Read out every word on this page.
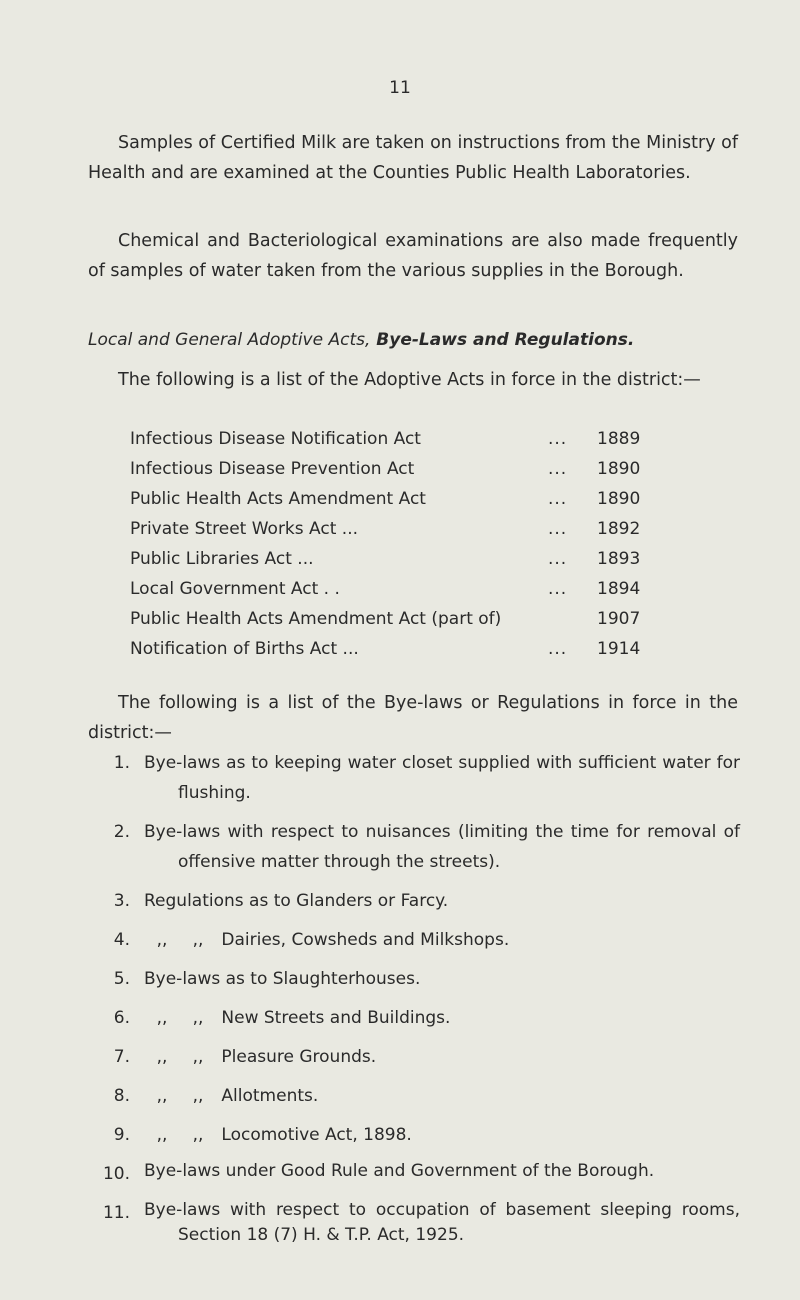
11

Samples of Certified Milk are taken on instructions from the Ministry of Health and are examined at the Counties Public Health Laboratories.

Chemical and Bacteriological examinations are also made frequently of samples of water taken from the various supplies in the Borough.

Local and General Adoptive Acts, Bye-Laws and Regulations.

The following is a list of the Adoptive Acts in force in the district:—

Infectious Disease Notification Act	... 1889
Infectious Disease Prevention Act	... 1890
Public Health Acts Amendment Act	... 1890
Private Street Works Act ...	... 1892
Public Libraries Act ...	... 1893
Local Government Act . .	... 1894
Public Health Acts Amendment Act (part of)	1907
Notification of Births Act ...	... 1914

The following is a list of the Bye-laws or Regulations in force in the district:—

1. Bye-laws as to keeping water closet supplied with sufficient water for flushing.
2. Bye-laws with respect to nuisances (limiting the time for removal of offensive matter through the streets).
3. Regulations as to Glanders or Farcy.
4.	,, ,, Dairies, Cowsheds and Milkshops.
5. Bye-laws as to Slaughterhouses.
6.	,, ,, New Streets and Buildings.
7.	,, ,, Pleasure Grounds.
8.	,, ,, Allotments.
9.	,, ,, Locomotive Act, 1898.
10. Bye-laws under Good Rule and Government of the Borough.
11. Bye-laws with respect to occupation of basement sleeping rooms, Section 18 (7) H. & T.P. Act, 1925.
